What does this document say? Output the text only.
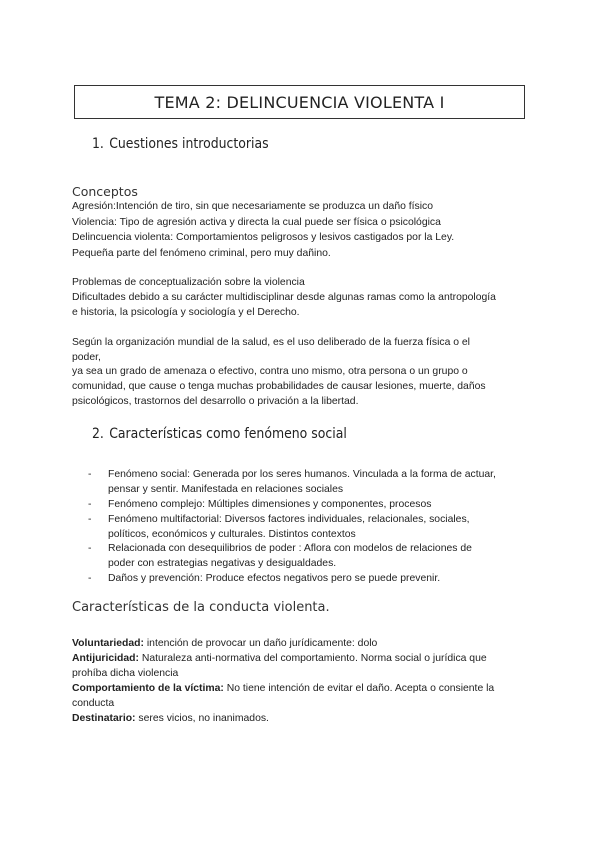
TEMA 2: DELINCUENCIA VIOLENTA I
1. Cuestiones introductorias
Conceptos
Agresión:Intención de tiro, sin que necesariamente se produzca un daño físico
Violencia: Tipo de agresión activa y directa la cual puede ser física o psicológica
Delincuencia violenta: Comportamientos peligrosos y lesivos castigados por la Ley.
Pequeña parte del fenómeno criminal, pero muy dañino.
Problemas de conceptualización sobre la violencia
Dificultades debido a su carácter multidisciplinar desde algunas ramas como la antropología
e historia, la psicología y sociología y el Derecho.
Según la organización mundial de la salud, es el uso deliberado de la fuerza física o el
poder,
ya sea un grado de amenaza o efectivo, contra uno mismo, otra persona o un grupo o
comunidad, que cause o tenga muchas probabilidades de causar lesiones, muerte, daños
psicológicos, trastornos del desarrollo o privación a la libertad.
2. Características como fenómeno social
- Fenómeno social: Generada por los seres humanos. Vinculada a la forma de actuar,
pensar y sentir. Manifestada en relaciones sociales
- Fenómeno complejo: Múltiples dimensiones y componentes, procesos
- Fenómeno multifactorial: Diversos factores individuales, relacionales, sociales,
políticos, económicos y culturales. Distintos contextos
- Relacionada con desequilibrios de poder : Aflora con modelos de relaciones de
poder con estrategias negativas y desigualdades.
- Daños y prevención: Produce efectos negativos pero se puede prevenir.
Características de la conducta violenta.
Voluntariedad: intención de provocar un daño jurídicamente: dolo
Antijuricidad: Naturaleza anti-normativa del comportamiento. Norma social o jurídica que
prohíba dicha violencia
Comportamiento de la víctima: No tiene intención de evitar el daño. Acepta o consiente la
conducta
Destinatario: seres vicios, no inanimados.
